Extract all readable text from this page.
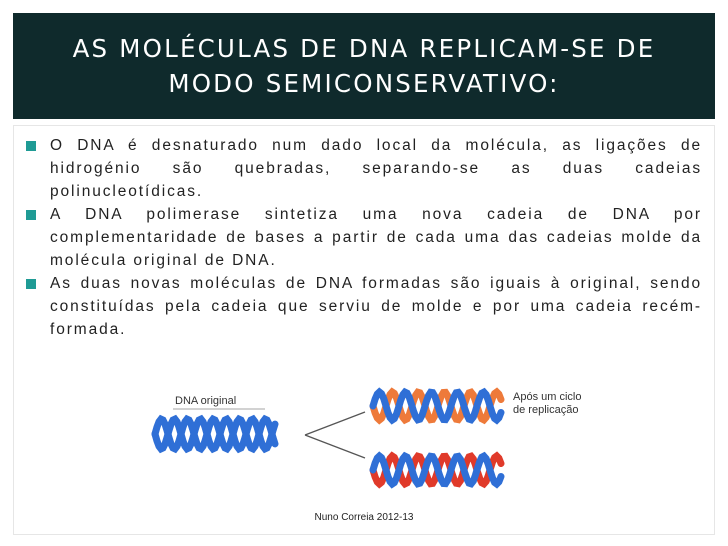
AS MOLÉCULAS DE DNA REPLICAM-SE DE
MODO SEMICONSERVATIVO:
O DNA é desnaturado num dado local da molécula, as ligações de hidrogénio são quebradas, separando-se as duas cadeias polinucleotídicas.
A DNA polimerase sintetiza uma nova cadeia de DNA por complementaridade de bases a partir de cada uma das cadeias molde da molécula original de DNA.
As duas novas moléculas de DNA formadas são iguais à original, sendo constituídas pela cadeia que serviu de molde e por uma cadeia recém-formada.
DNA original	Após um ciclo
de replicação
Nuno Correia 2012-13
